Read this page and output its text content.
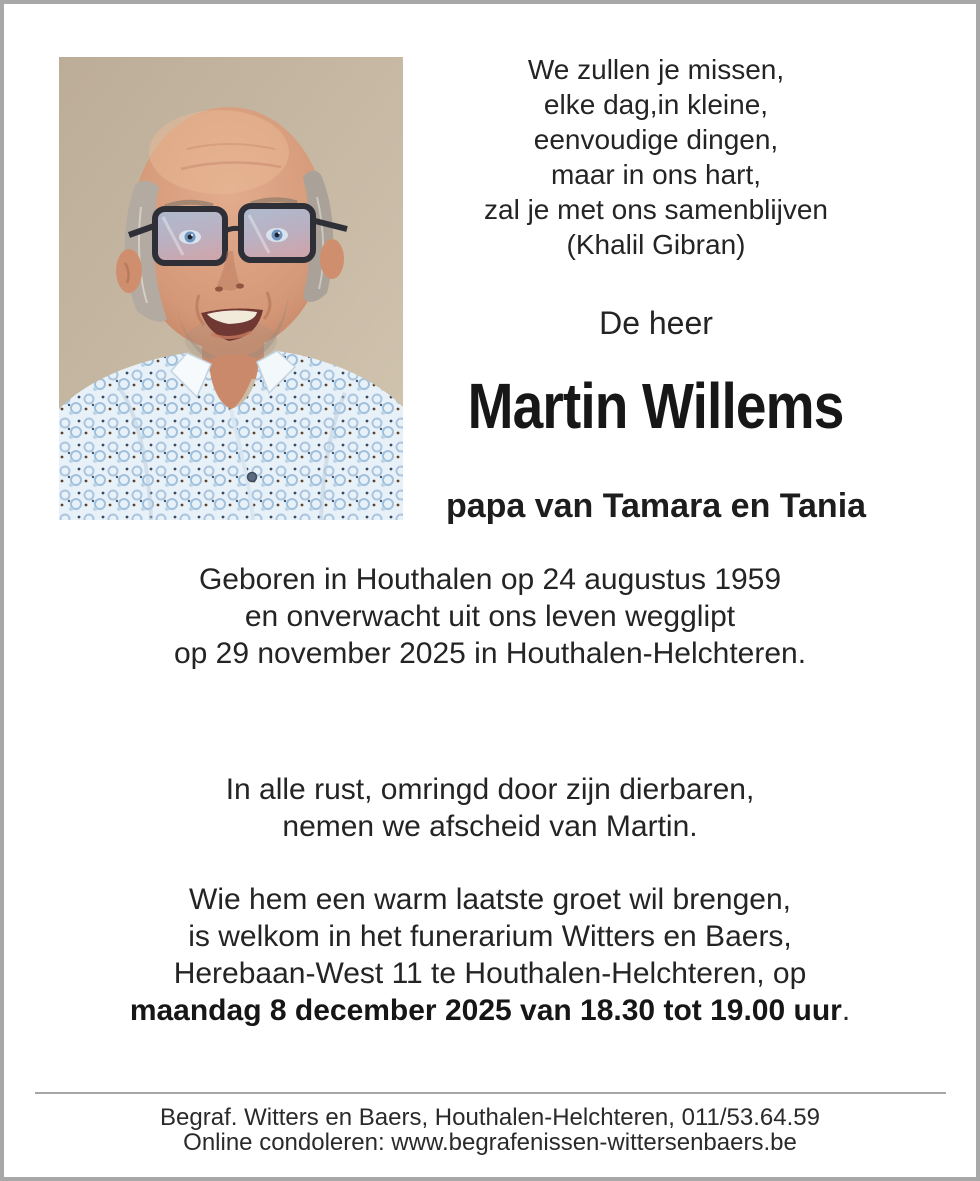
We zullen je missen,
elke dag,in kleine,
eenvoudige dingen,
maar in ons hart,
zal je met ons samenblijven
(Khalil Gibran)
De heer
Martin Willems
papa van Tamara en Tania
Geboren in Houthalen op 24 augustus 1959
en onverwacht uit ons leven wegglipt
op 29 november 2025 in Houthalen-Helchteren.
In alle rust, omringd door zijn dierbaren,
nemen we afscheid van Martin.
Wie hem een warm laatste groet wil brengen,
is welkom in het funerarium Witters en Baers,
Herebaan-West 11 te Houthalen-Helchteren, op
maandag 8 december 2025 van 18.30 tot 19.00 uur.
Begraf. Witters en Baers, Houthalen-Helchteren, 011/53.64.59
Online condoleren: www.begrafenissen-wittersenbaers.be
